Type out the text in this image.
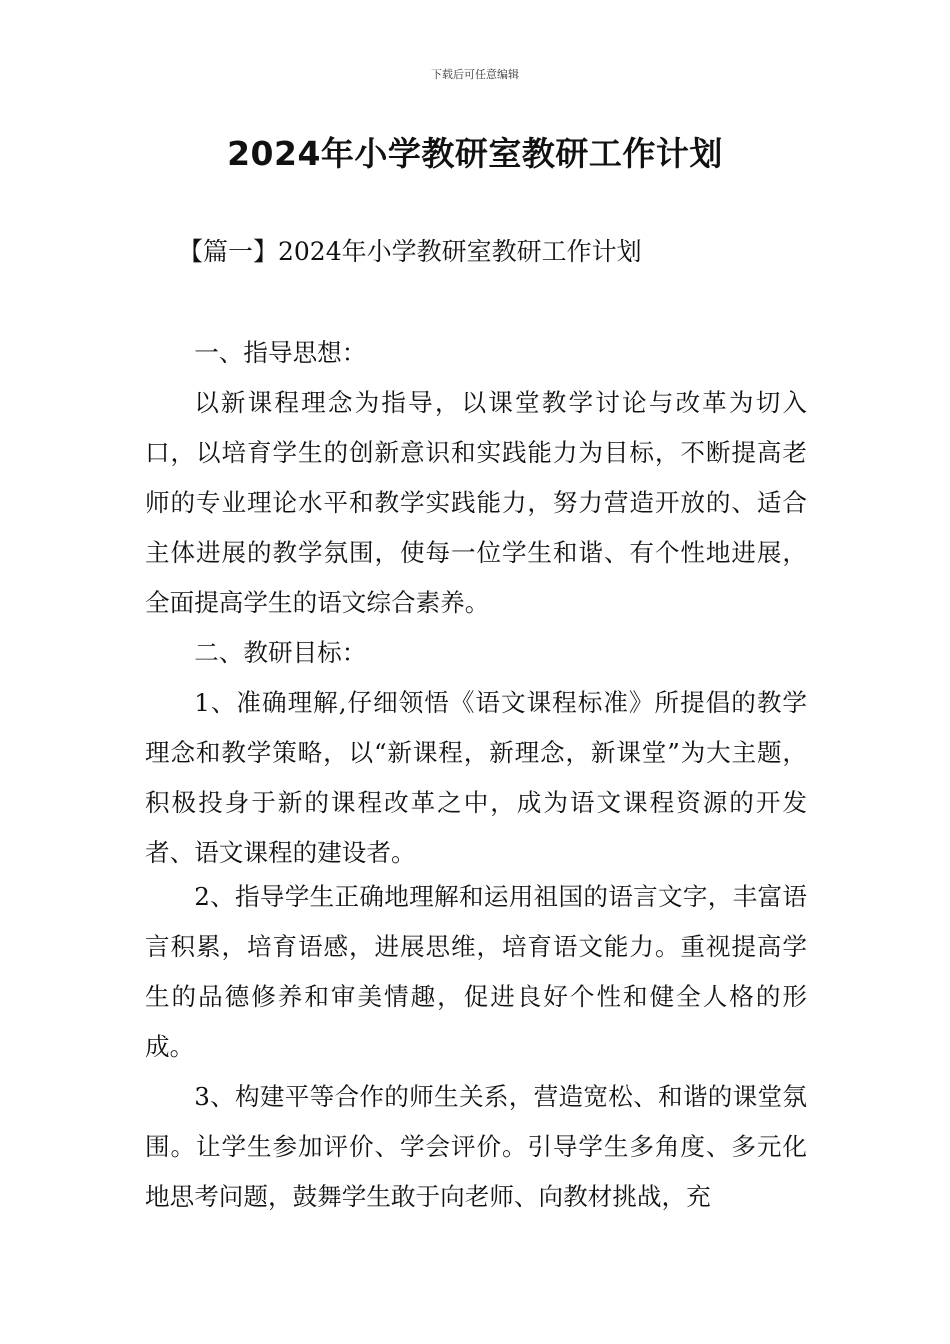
下载后可任意编辑
2024年小学教研室教研工作计划
【篇一】2024年小学教研室教研工作计划

一、指导思想：

以新课程理念为指导，以课堂教学讨论与改革为切入口，以培育学生的创新意识和实践能力为目标，不断提高老师的专业理论水平和教学实践能力，努力营造开放的、适合主体进展的教学氛围，使每一位学生和谐、有个性地进展，全面提高学生的语文综合素养。

二、教研目标：

1、准确理解,仔细领悟《语文课程标准》所提倡的教学理念和教学策略，以“新课程，新理念，新课堂”为大主题，积极投身于新的课程改革之中，成为语文课程资源的开发者、语文课程的建设者。

2、指导学生正确地理解和运用祖国的语言文字，丰富语言积累，培育语感，进展思维，培育语文能力。重视提高学生的品德修养和审美情趣，促进良好个性和健全人格的形成。

3、构建平等合作的师生关系，营造宽松、和谐的课堂氛围。让学生参加评价、学会评价。引导学生多角度、多元化地思考问题，鼓舞学生敢于向老师、向教材挑战，充
